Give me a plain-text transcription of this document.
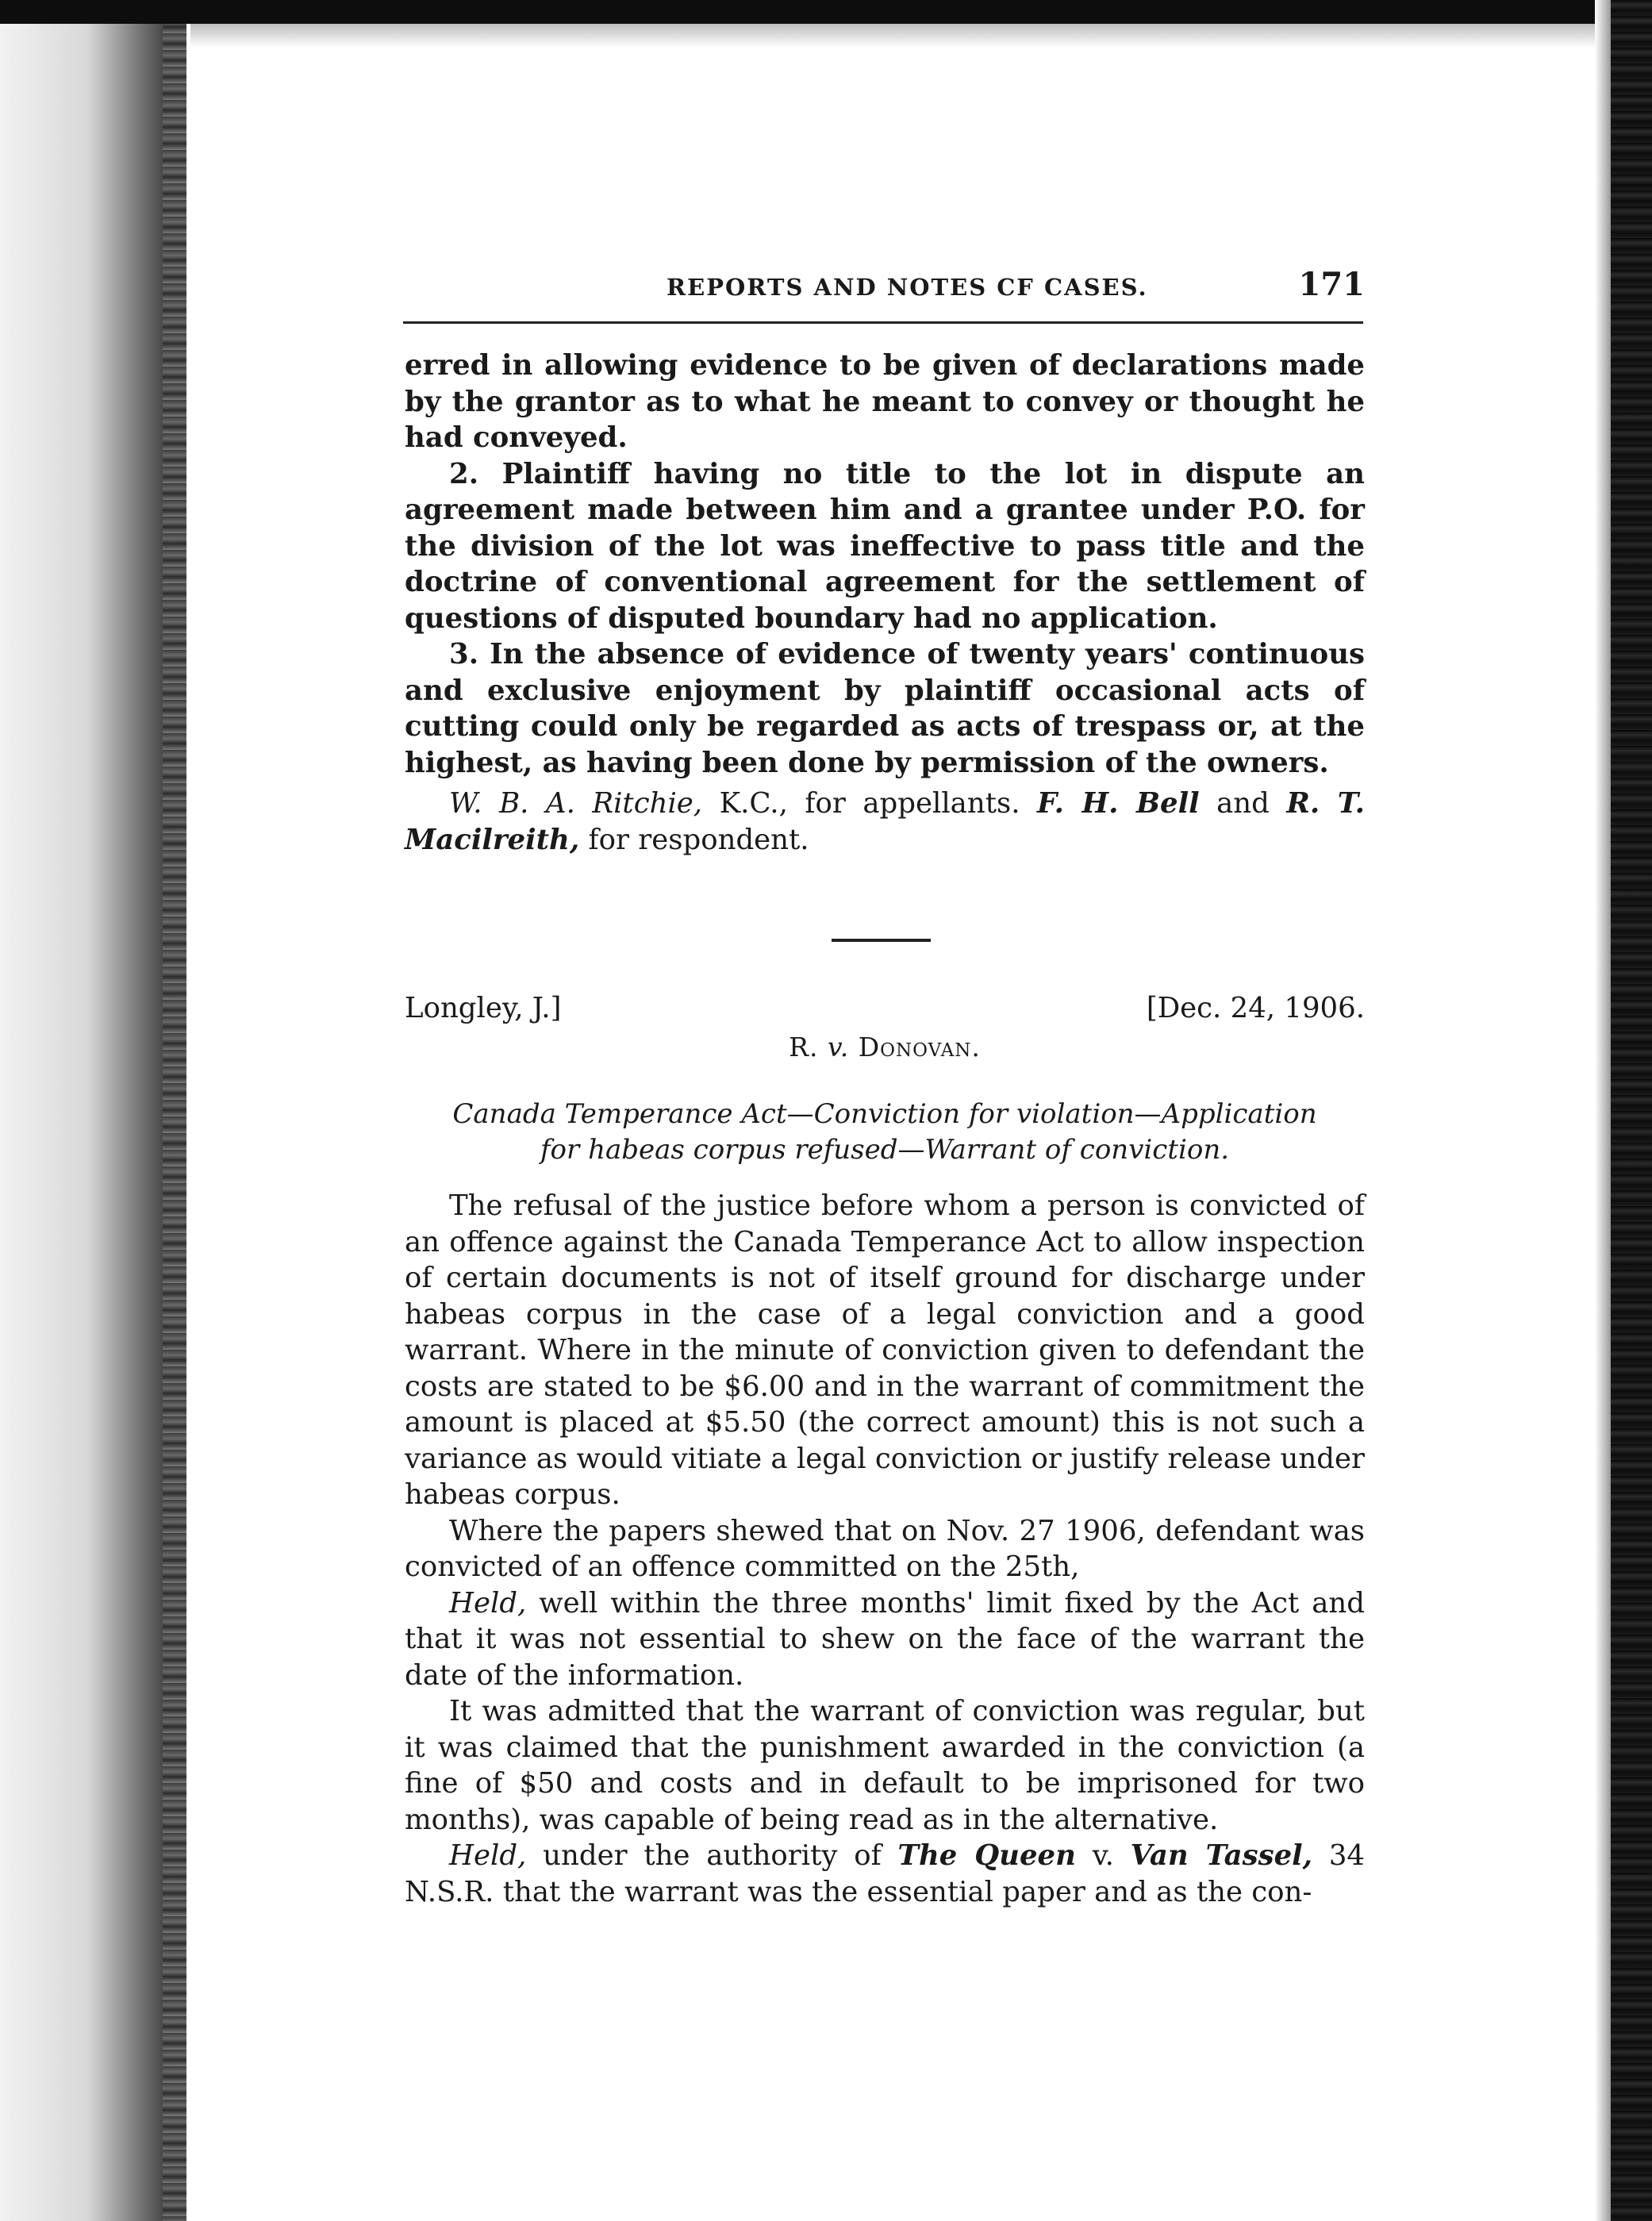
REPORTS AND NOTES CF CASES.	171

erred in allowing evidence to be given of declarations made by the grantor as to what he meant to convey or thought he had conveyed.

2. Plaintiff having no title to the lot in dispute an agreement made between him and a grantee under P.O. for the division of the lot was ineffective to pass title and the doctrine of conventional agreement for the settlement of questions of disputed boundary had no application.

3. In the absence of evidence of twenty years' continuous and exclusive enjoyment by plaintiff occasional acts of cutting could only be regarded as acts of trespass or, at the highest, as having been done by permission of the owners.

W. B. A. Ritchie, K.C., for appellants. F. H. Bell and R. T. Macilreith, for respondent.

Longley, J.]	[Dec. 24, 1906.
R. v. Donovan.
Canada Temperance Act—Conviction for violation—Application
for habeas corpus refused—Warrant of conviction.

The refusal of the justice before whom a person is convicted of an offence against the Canada Temperance Act to allow inspection of certain documents is not of itself ground for discharge under habeas corpus in the case of a legal conviction and a good warrant. Where in the minute of conviction given to defendant the costs are stated to be $6.00 and in the warrant of commitment the amount is placed at $5.50 (the correct amount) this is not such a variance as would vitiate a legal conviction or justify release under habeas corpus.

Where the papers shewed that on Nov. 27 1906, defendant was convicted of an offence committed on the 25th,

Held, well within the three months' limit fixed by the Act and that it was not essential to shew on the face of the warrant the date of the information.

It was admitted that the warrant of conviction was regular, but it was claimed that the punishment awarded in the conviction (a fine of $50 and costs and in default to be imprisoned for two months), was capable of being read as in the alternative.

Held, under the authority of The Queen v. Van Tassel, 34 N.S.R. that the warrant was the essential paper and as the con-
